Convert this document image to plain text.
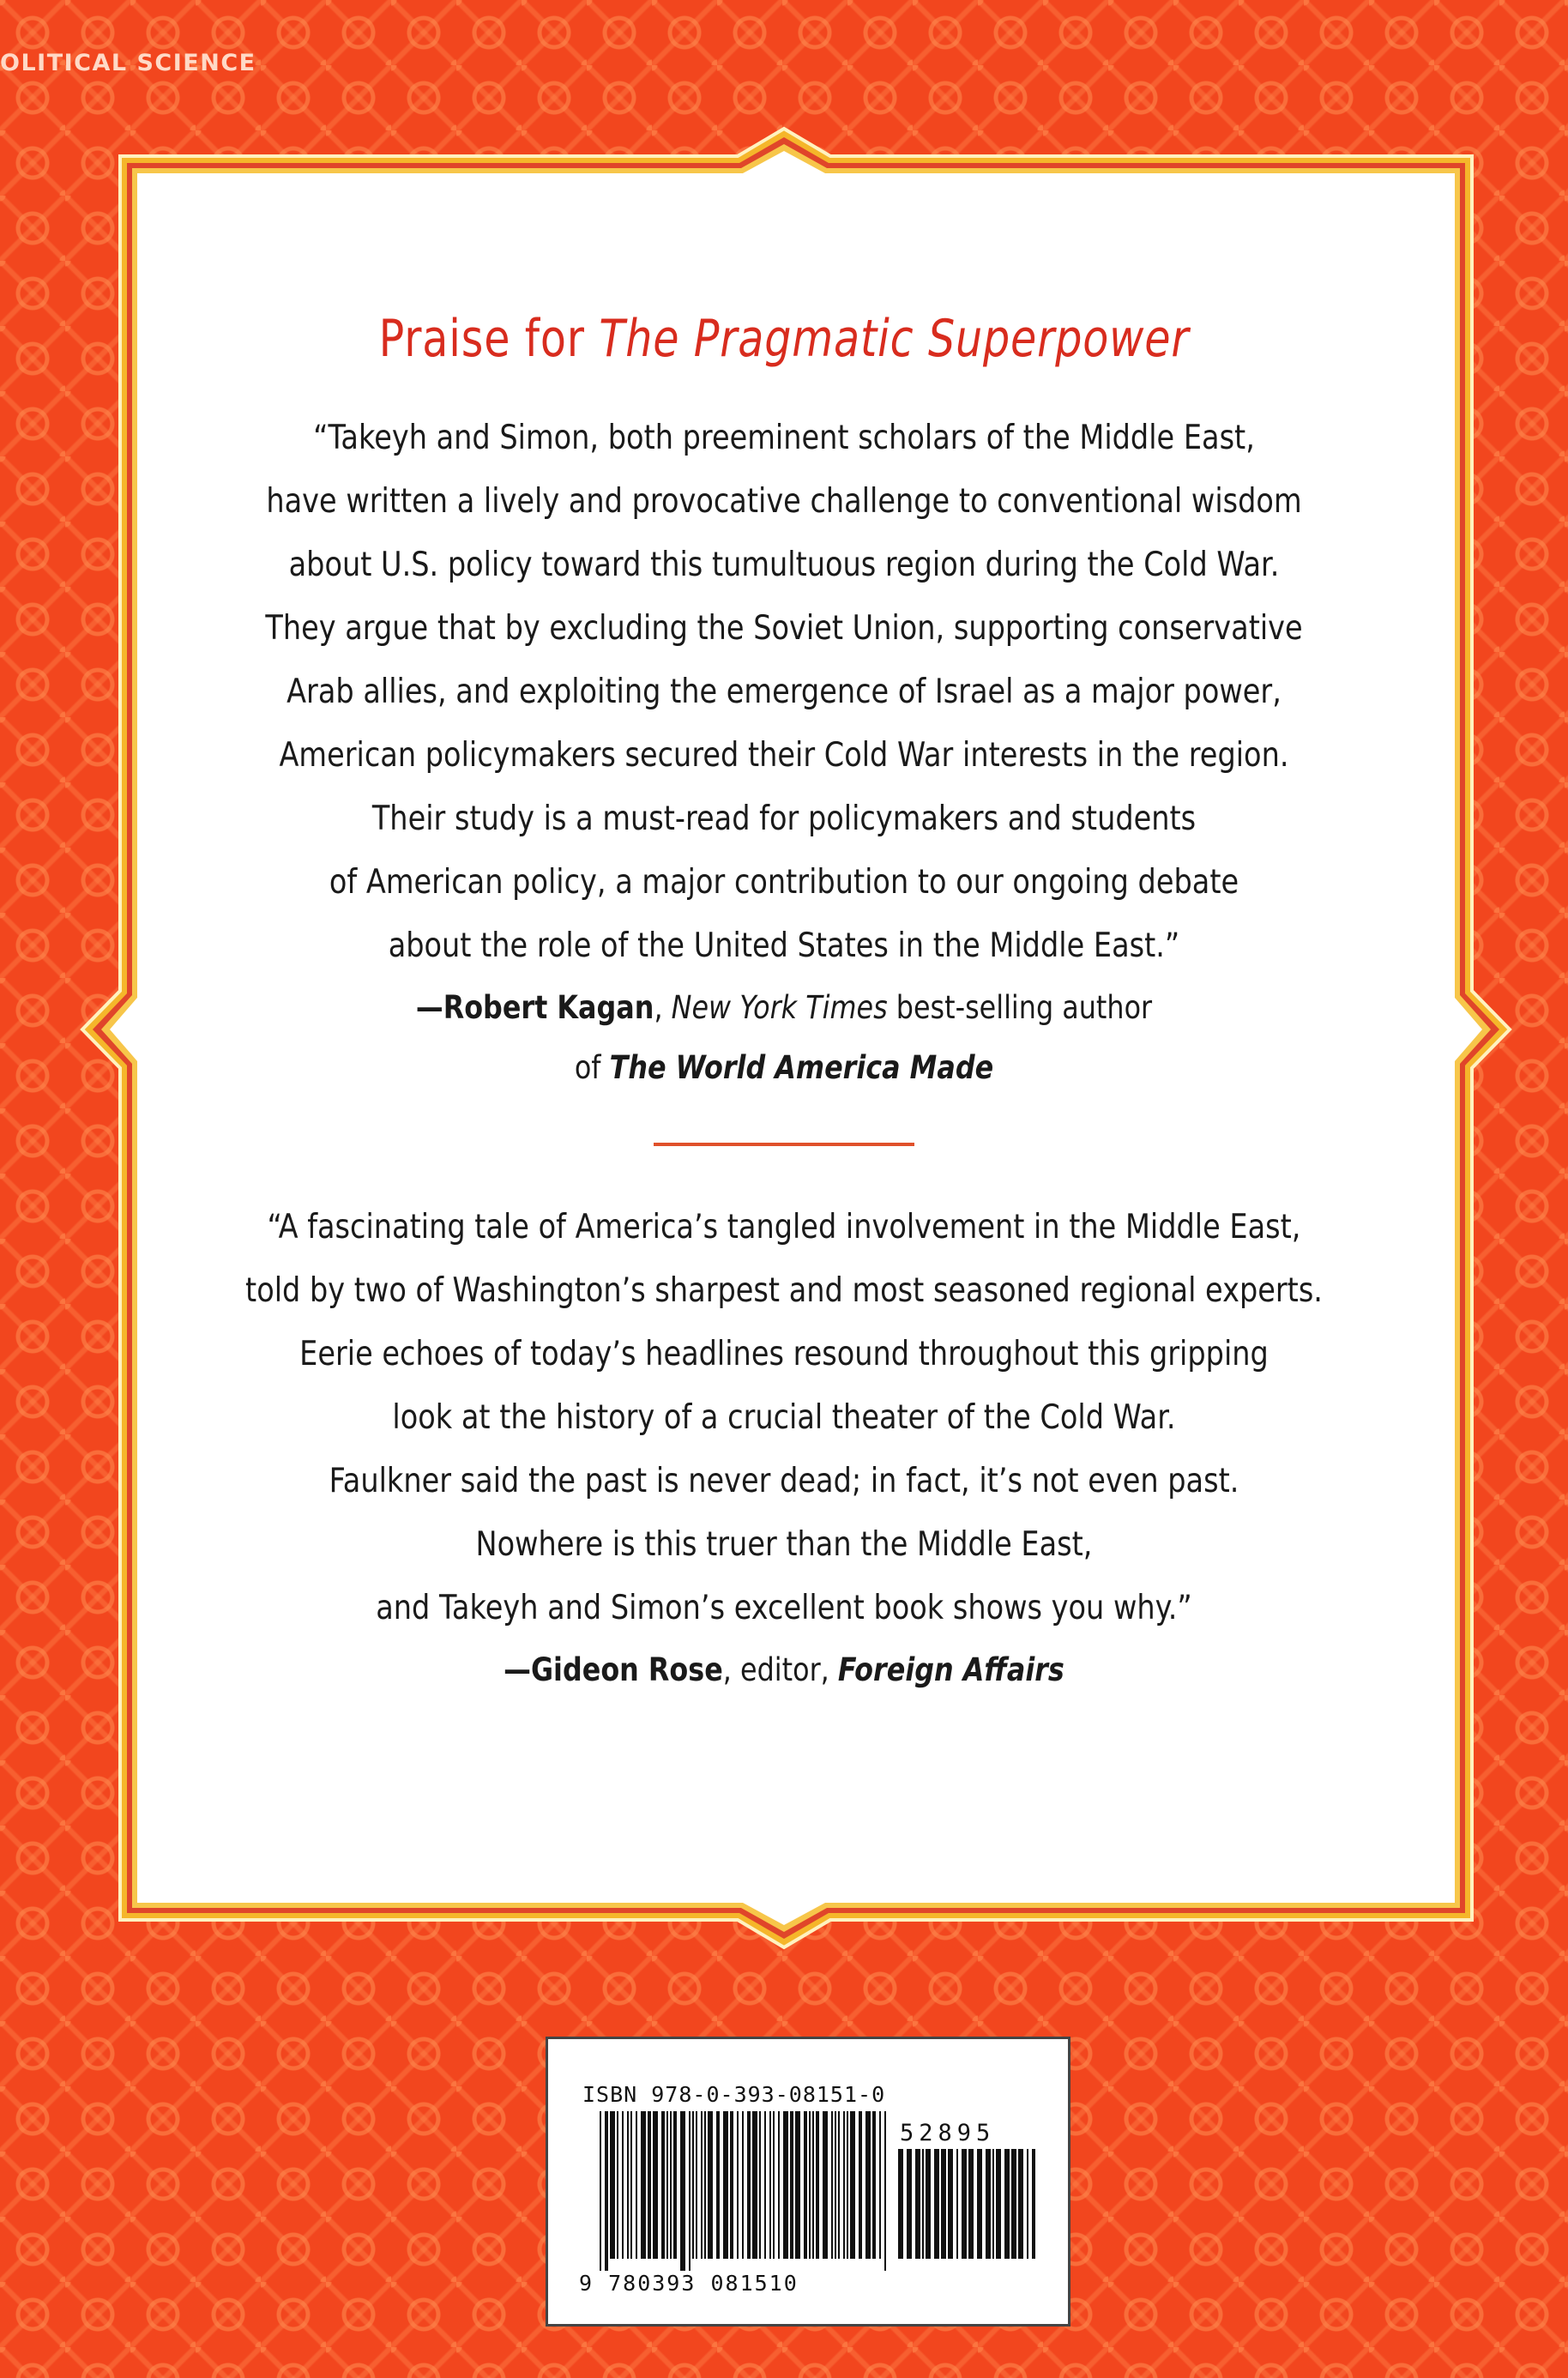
OLITICAL SCIENCE
Praise for The Pragmatic Superpower
“Takeyh and Simon, both preeminent scholars of the Middle East,
have written a lively and provocative challenge to conventional wisdom
about U.S. policy toward this tumultuous region during the Cold War.
They argue that by excluding the Soviet Union, supporting conservative
Arab allies, and exploiting the emergence of Israel as a major power,
American policymakers secured their Cold War interests in the region.
Their study is a must-read for policymakers and students
of American policy, a major contribution to our ongoing debate
about the role of the United States in the Middle East.”
—Robert Kagan, New York Times best-selling author
of The World America Made
“A fascinating tale of America’s tangled involvement in the Middle East,
told by two of Washington’s sharpest and most seasoned regional experts.
Eerie echoes of today’s headlines resound throughout this gripping
look at the history of a crucial theater of the Cold War.
Faulkner said the past is never dead; in fact, it’s not even past.
Nowhere is this truer than the Middle East,
and Takeyh and Simon’s excellent book shows you why.”
—Gideon Rose, editor, Foreign Affairs
ISBN 978-0-393-08151-0
52895
9 780393 081510
